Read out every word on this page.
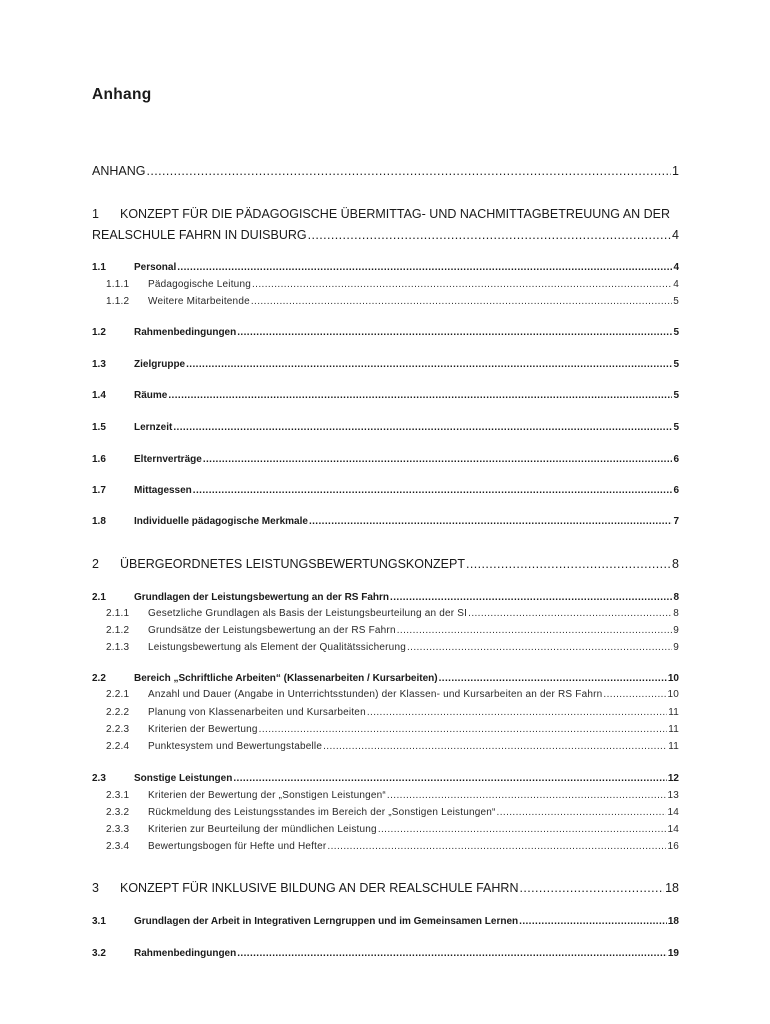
Anhang
ANHANG .....	1
1 KONZEPT FÜR DIE PÄDAGOGISCHE ÜBERMITTAG- UND NACHMITTAGBETREUUNG AN DER
REALSCHULE FAHRN IN DUISBURG .....	4
1.1	Personal .....	4
1.1.1 Pädagogische Leitung .....	4
1.1.2 Weitere Mitarbeitende .....	5
1.2	Rahmenbedingungen .....	5
1.3	Zielgruppe .....	5
1.4	Räume .....	5
1.5	Lernzeit .....	5
1.6	Elternverträge .....	6
1.7	Mittagessen .....	6
1.8	Individuelle pädagogische Merkmale .....	7
2 ÜBERGEORDNETES LEISTUNGSBEWERTUNGSKONZEPT .....	8
2.1	Grundlagen der Leistungsbewertung an der RS Fahrn .....	8
2.1.1 Gesetzliche Grundlagen als Basis der Leistungsbeurteilung an der SI .....	8
2.1.2 Grundsätze der Leistungsbewertung an der RS Fahrn .....	9
2.1.3 Leistungsbewertung als Element der Qualitätssicherung .....	9
2.2	Bereich „Schriftliche Arbeiten“ (Klassenarbeiten / Kursarbeiten) .....	10
2.2.1 Anzahl und Dauer (Angabe in Unterrichtsstunden) der Klassen- und Kursarbeiten an der RS Fahrn .....	10
2.2.2 Planung von Klassenarbeiten und Kursarbeiten .....	11
2.2.3 Kriterien der Bewertung .....	11
2.2.4 Punktesystem und Bewertungstabelle .....	11
2.3	Sonstige Leistungen .....	12
2.3.1 Kriterien der Bewertung der „Sonstigen Leistungen“ .....	13
2.3.2 Rückmeldung des Leistungsstandes im Bereich der „Sonstigen Leistungen“ .....	14
2.3.3 Kriterien zur Beurteilung der mündlichen Leistung .....	14
2.3.4 Bewertungsbogen für Hefte und Hefter .....	16
3 KONZEPT FÜR INKLUSIVE BILDUNG AN DER REALSCHULE FAHRN .....	18
3.1	Grundlagen der Arbeit in Integrativen Lerngruppen und im Gemeinsamen Lernen .....	18
3.2	Rahmenbedingungen .....	19
